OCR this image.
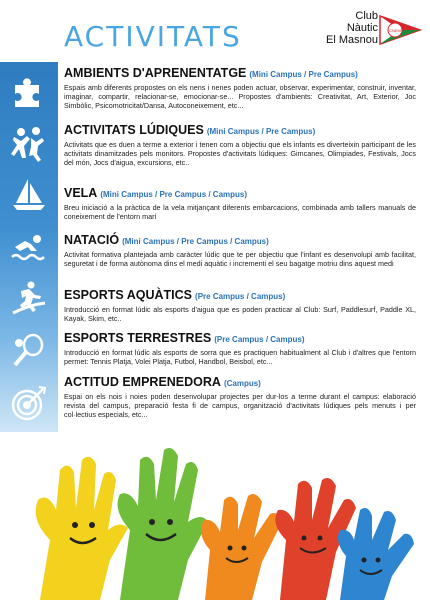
ACTIVITATS
Club
Nàutic
El Masnou
CNEM
AMBIENTS D'APRENENTATGE (Mini Campus / Pre Campus)

Espais amb diferents propostes on els nens i nenes poden actuar, observar, experimentar, construir, inventar, imaginar, compartir, relacionar-se, emocionar-se... Propostes d'ambients: Creativitat, Art, Exterior, Joc Simbòlic, Psicomotricitat/Dansa, Autoconeixement, etc...

ACTIVITATS LÚDIQUES (Mini Campus / Pre Campus)

Activitats que es duen a terme a exterior i tenen com a objectiu que els infants es diverteixin participant de les activitats dinamitzades pels monitors. Propostes d'activitats lúdiques: Gimcanes, Olimpiades, Festivals, Jocs del món, Jocs d'aigua, excursions, etc..

VELA (Mini Campus / Pre Campus / Campus)

Breu iniciació a la pràctica de la vela mitjançant diferents embarcacions, combinada amb tallers manuals de coneixement de l'entorn marí

NATACIÓ (Mini Campus / Pre Campus / Campus)

Activitat formativa plantejada amb caràcter lúdic que te per objectiu que l'infant es desenvolupi amb facilitat, seguretat i de forma autònoma dins el medi aquàtic i incrementi el seu bagatge motriu dins aquest medi

ESPORTS AQUÀTICS (Pre Campus / Campus)

Introducció en format lúdic als esports d'aigua que es poden practicar al Club: Surf, Paddlesurf, Paddle XL, Kayak, Skim, etc..

ESPORTS TERRESTRES (Pre Campus / Campus)

Introducció en format lúdic als esports de sorra que es practiquen habitualment al Club i d'altres que l'entorn permet: Tennis Platja, Volei Platja, Futbol, Handbol, Beisbol, etc...

ACTITUD EMPRENEDORA (Campus)

Espai on els nois i noies poden desenvolupar projectes per dur-los a terme durant el campus: elaboració revista del campus, preparació festa fi de campus, organització d'activitats lúdiques pels menuts i per col·lectius especials, etc...
